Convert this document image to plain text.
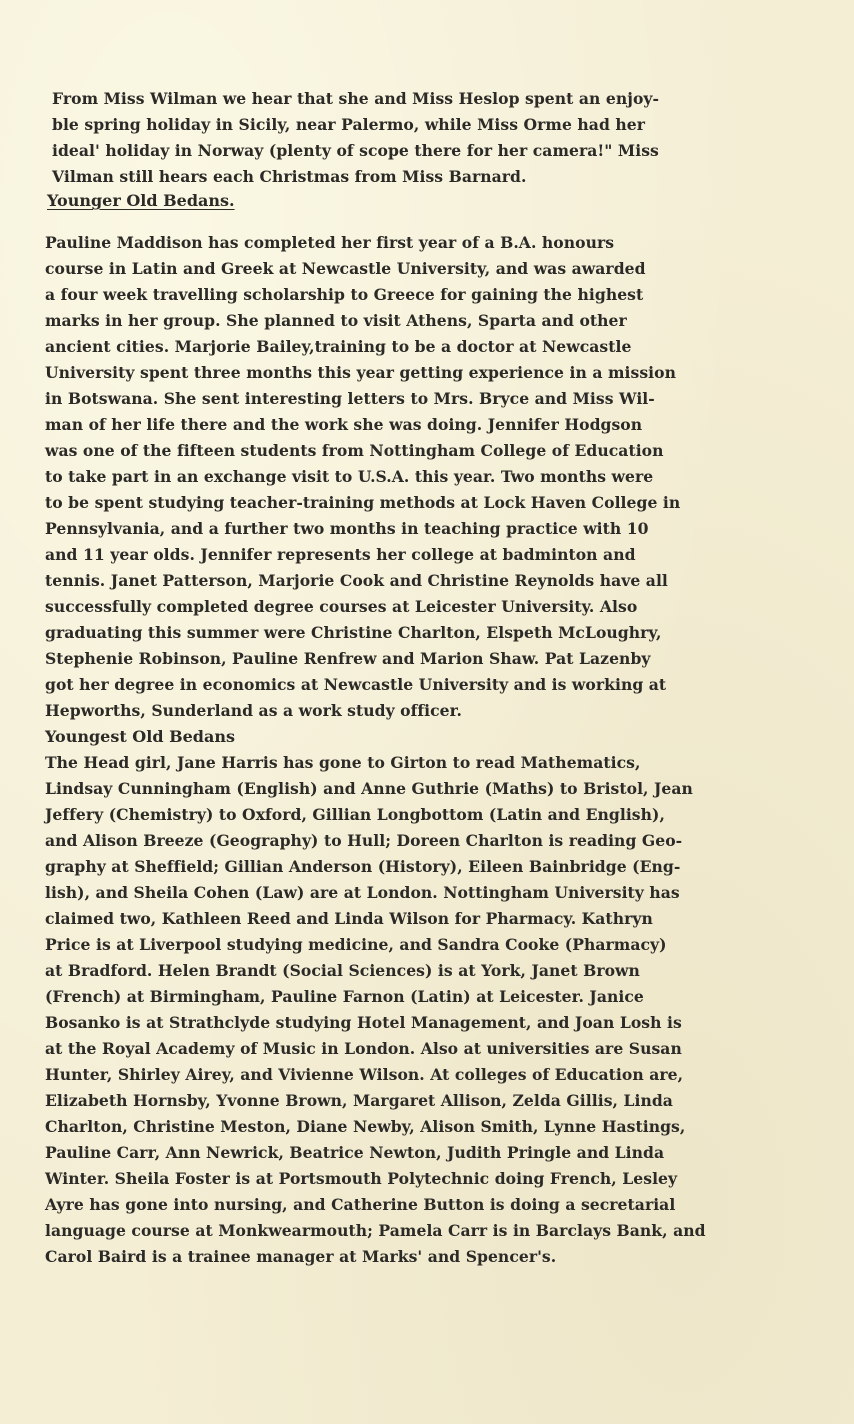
From Miss Wilman we hear that she and Miss Heslop spent an enjoy-
ble spring holiday in Sicily, near Palermo, while Miss Orme had her
ideal' holiday in Norway (plenty of scope there for her camera!" Miss
Vilman still hears each Christmas from Miss Barnard.
Younger Old Bedans.
Pauline Maddison has completed her first year of a B.A. honours
course in Latin and Greek at Newcastle University, and was awarded
a four week travelling scholarship to Greece for gaining the highest
marks in her group. She planned to visit Athens, Sparta and other
ancient cities. Marjorie Bailey,training to be a doctor at Newcastle
University spent three months this year getting experience in a mission
in Botswana. She sent interesting letters to Mrs. Bryce and Miss Wil-
man of her life there and the work she was doing. Jennifer Hodgson
was one of the fifteen students from Nottingham College of Education
to take part in an exchange visit to U.S.A. this year. Two months were
to be spent studying teacher-training methods at Lock Haven College in
Pennsylvania, and a further two months in teaching practice with 10
and 11 year olds. Jennifer represents her college at badminton and
tennis. Janet Patterson, Marjorie Cook and Christine Reynolds have all
successfully completed degree courses at Leicester University. Also
graduating this summer were Christine Charlton, Elspeth McLoughry,
Stephenie Robinson, Pauline Renfrew and Marion Shaw. Pat Lazenby
got her degree in economics at Newcastle University and is working at
Hepworths, Sunderland as a work study officer.
Youngest Old Bedans
The Head girl, Jane Harris has gone to Girton to read Mathematics,
Lindsay Cunningham (English) and Anne Guthrie (Maths) to Bristol, Jean
Jeffery (Chemistry) to Oxford, Gillian Longbottom (Latin and English),
and Alison Breeze (Geography) to Hull; Doreen Charlton is reading Geo-
graphy at Sheffield; Gillian Anderson (History), Eileen Bainbridge (Eng-
lish), and Sheila Cohen (Law) are at London. Nottingham University has
claimed two, Kathleen Reed and Linda Wilson for Pharmacy. Kathryn
Price is at Liverpool studying medicine, and Sandra Cooke (Pharmacy)
at Bradford. Helen Brandt (Social Sciences) is at York, Janet Brown
(French) at Birmingham, Pauline Farnon (Latin) at Leicester. Janice
Bosanko is at Strathclyde studying Hotel Management, and Joan Losh is
at the Royal Academy of Music in London. Also at universities are Susan
Hunter, Shirley Airey, and Vivienne Wilson. At colleges of Education are,
Elizabeth Hornsby, Yvonne Brown, Margaret Allison, Zelda Gillis, Linda
Charlton, Christine Meston, Diane Newby, Alison Smith, Lynne Hastings,
Pauline Carr, Ann Newrick, Beatrice Newton, Judith Pringle and Linda
Winter. Sheila Foster is at Portsmouth Polytechnic doing French, Lesley
Ayre has gone into nursing, and Catherine Button is doing a secretarial
language course at Monkwearmouth; Pamela Carr is in Barclays Bank, and
Carol Baird is a trainee manager at Marks' and Spencer's.
